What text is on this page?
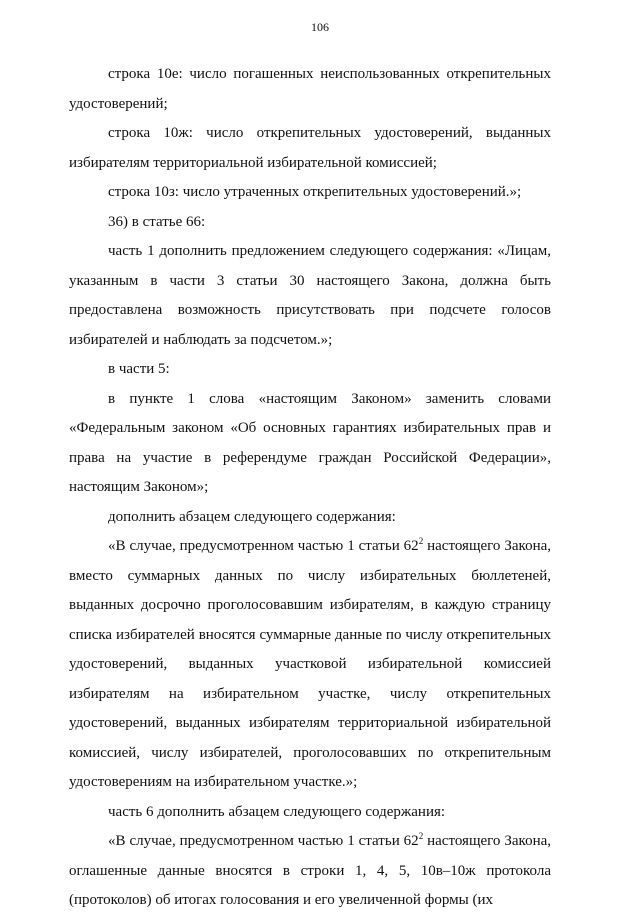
106

строка 10е: число погашенных неиспользованных открепительных удостоверений;

строка 10ж: число открепительных удостоверений, выданных избирателям территориальной избирательной комиссией;

строка 10з: число утраченных открепительных удостоверений.»;

36) в статье 66:

часть 1 дополнить предложением следующего содержания: «Лицам, указанным в части 3 статьи 30 настоящего Закона, должна быть предоставлена возможность присутствовать при подсчете голосов избирателей и наблюдать за подсчетом.»;

в части 5:

в пункте 1 слова «настоящим Законом» заменить словами «Федеральным законом «Об основных гарантиях избирательных прав и права на участие в референдуме граждан Российской Федерации», настоящим Законом»;

дополнить абзацем следующего содержания:

«В случае, предусмотренном частью 1 статьи $62^2$ настоящего Закона, вместо суммарных данных по числу избирательных бюллетеней, выданных досрочно проголосовавшим избирателям, в каждую страницу списка избирателей вносятся суммарные данные по числу открепительных удостоверений, выданных участковой избирательной комиссией избирателям на избирательном участке, числу открепительных удостоверений, выданных избирателям территориальной избирательной комиссией, числу избирателей, проголосовавших по открепительным удостоверениям на избирательном участке.»;

часть 6 дополнить абзацем следующего содержания:

«В случае, предусмотренном частью 1 статьи $62^2$ настоящего Закона, оглашенные данные вносятся в строки 1, 4, 5, 10в–10ж протокола (протоколов) об итогах голосования и его увеличенной формы (их
